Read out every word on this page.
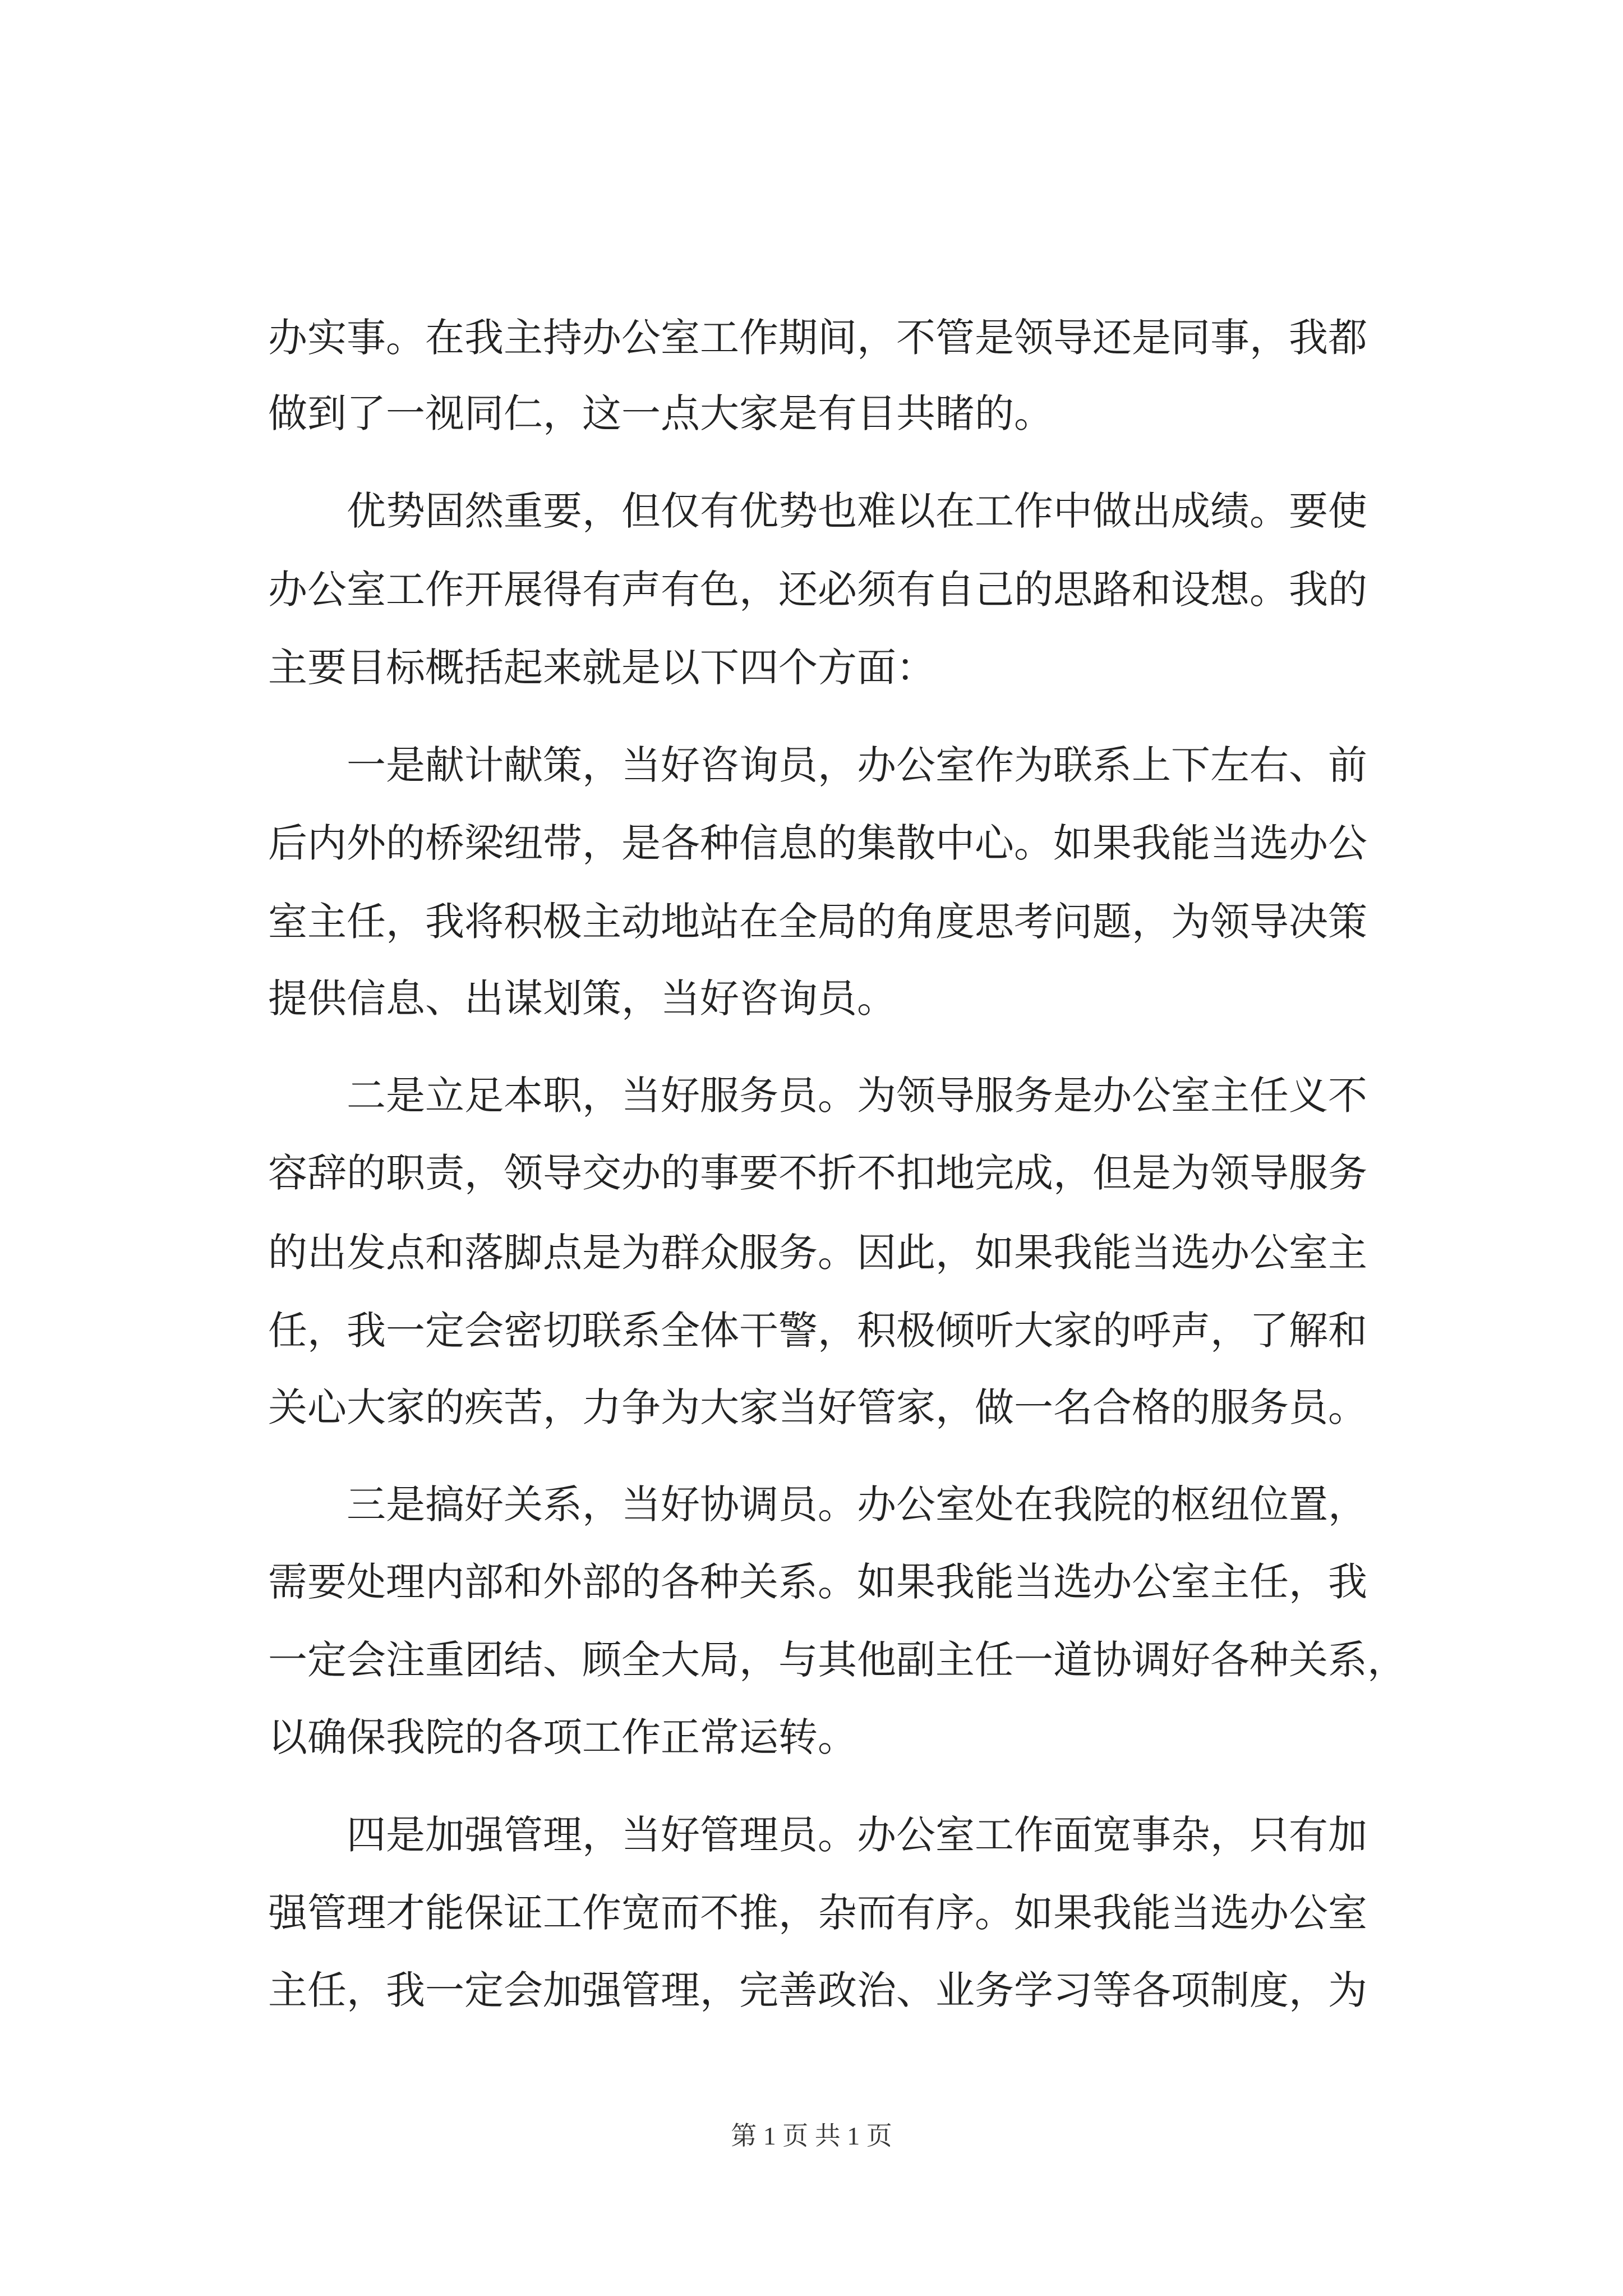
办实事。在我主持办公室工作期间，不管是领导还是同事，我都
做到了一视同仁，这一点大家是有目共睹的。
优势固然重要，但仅有优势也难以在工作中做出成绩。要使
办公室工作开展得有声有色，还必须有自己的思路和设想。我的
主要目标概括起来就是以下四个方面：
一是献计献策，当好咨询员，办公室作为联系上下左右、前
后内外的桥梁纽带，是各种信息的集散中心。如果我能当选办公
室主任，我将积极主动地站在全局的角度思考问题，为领导决策
提供信息、出谋划策，当好咨询员。
二是立足本职，当好服务员。为领导服务是办公室主任义不
容辞的职责，领导交办的事要不折不扣地完成，但是为领导服务
的出发点和落脚点是为群众服务。因此，如果我能当选办公室主
任，我一定会密切联系全体干警，积极倾听大家的呼声，了解和
关心大家的疾苦，力争为大家当好管家，做一名合格的服务员。
三是搞好关系，当好协调员。办公室处在我院的枢纽位置，
需要处理内部和外部的各种关系。如果我能当选办公室主任，我
一定会注重团结、顾全大局，与其他副主任一道协调好各种关系，
以确保我院的各项工作正常运转。
四是加强管理，当好管理员。办公室工作面宽事杂，只有加
强管理才能保证工作宽而不推，杂而有序。如果我能当选办公室
主任，我一定会加强管理，完善政治、业务学习等各项制度，为
第 1 页 共 1 页
